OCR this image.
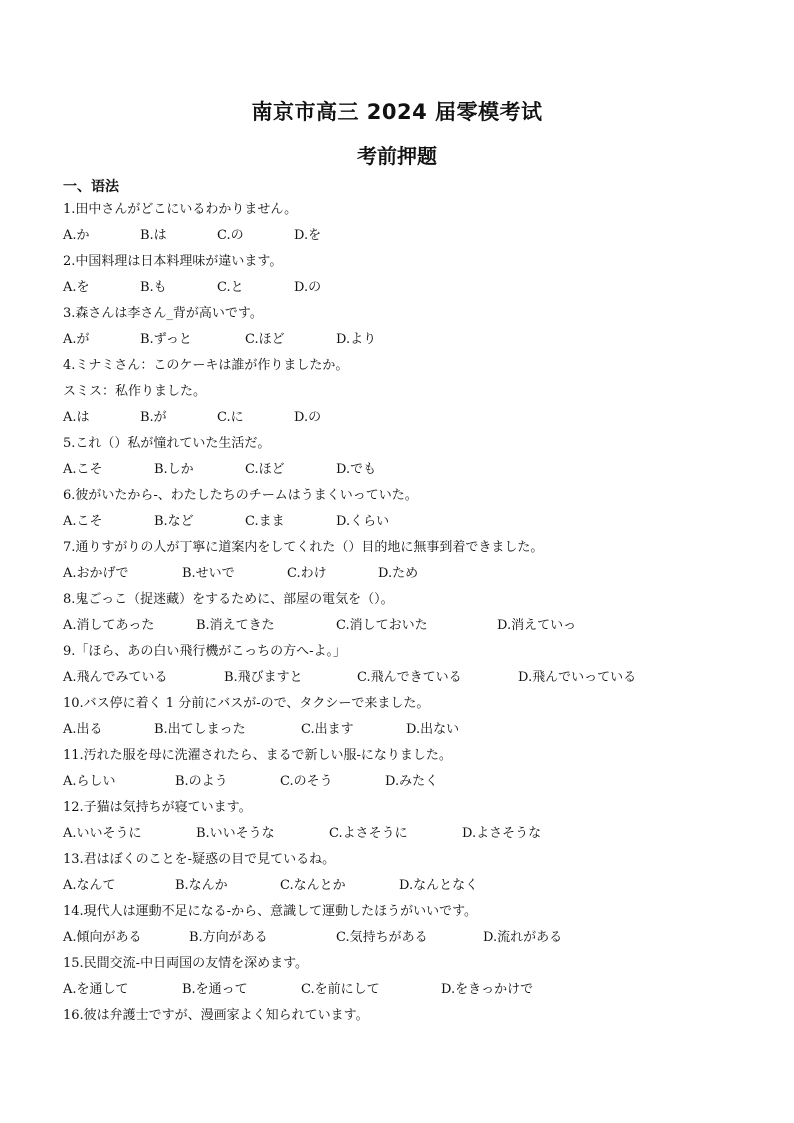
南京市高三 2024 届零模考试
考前押题
一、语法
1.田中さんがどこにいるわかりません。
A.か	B.は	C.の	D.を
2.中国料理は日本料理味が違います。
A.を	B.も	C.と	D.の
3.森さんは李さん_背が高いです。
A.が	B.ずっと	C.ほど	D.より
4.ミナミさん：このケーキは誰が作りましたか。
スミス：私作りました。
A.は	B.が	C.に	D.の
5.これ（）私が憧れていた生活だ。
A.こそ	B.しか	C.ほど	D.でも
6.彼がいたから-、わたしたちのチームはうまくいっていた。
A.こそ	B.など	C.まま	D.くらい
7.通りすがりの人が丁寧に道案内をしてくれた（）目的地に無事到着できました。
A.おかげで	B.せいで	C.わけ	D.ため
8.鬼ごっこ（捉迷藏）をするために、部屋の電気を（）。
A.消してあった	B.消えてきた	C.消しておいた	D.消えていっ
9.「ほら、あの白い飛行機がこっちの方へ-よ。」
A.飛んでみている	B.飛びますと	C.飛んできている	D.飛んでいっている
10.バス停に着く 1 分前にバスが-ので、タクシーで来ました。
A.出る	B.出てしまった	C.出ます	D.出ない
11.汚れた服を母に洗濯されたら、まるで新しい服-になりました。
A.らしい	B.のよう	C.のそう	D.みたく
12.子猫は気持ちが寝ています。
A.いいそうに	B.いいそうな	C.よさそうに	D.よさそうな
13.君はぼくのことを-疑惑の目で見ているね。
A.なんて	B.なんか	C.なんとか	D.なんとなく
14.現代人は運動不足になる-から、意識して運動したほうがいいです。
A.傾向がある	B.方向がある	C.気持ちがある	D.流れがある
15.民間交流-中日両国の友情を深めます。
A.を通して	B.を通って	C.を前にして	D.をきっかけで
16.彼は弁護士ですが、漫画家よく知られています。
